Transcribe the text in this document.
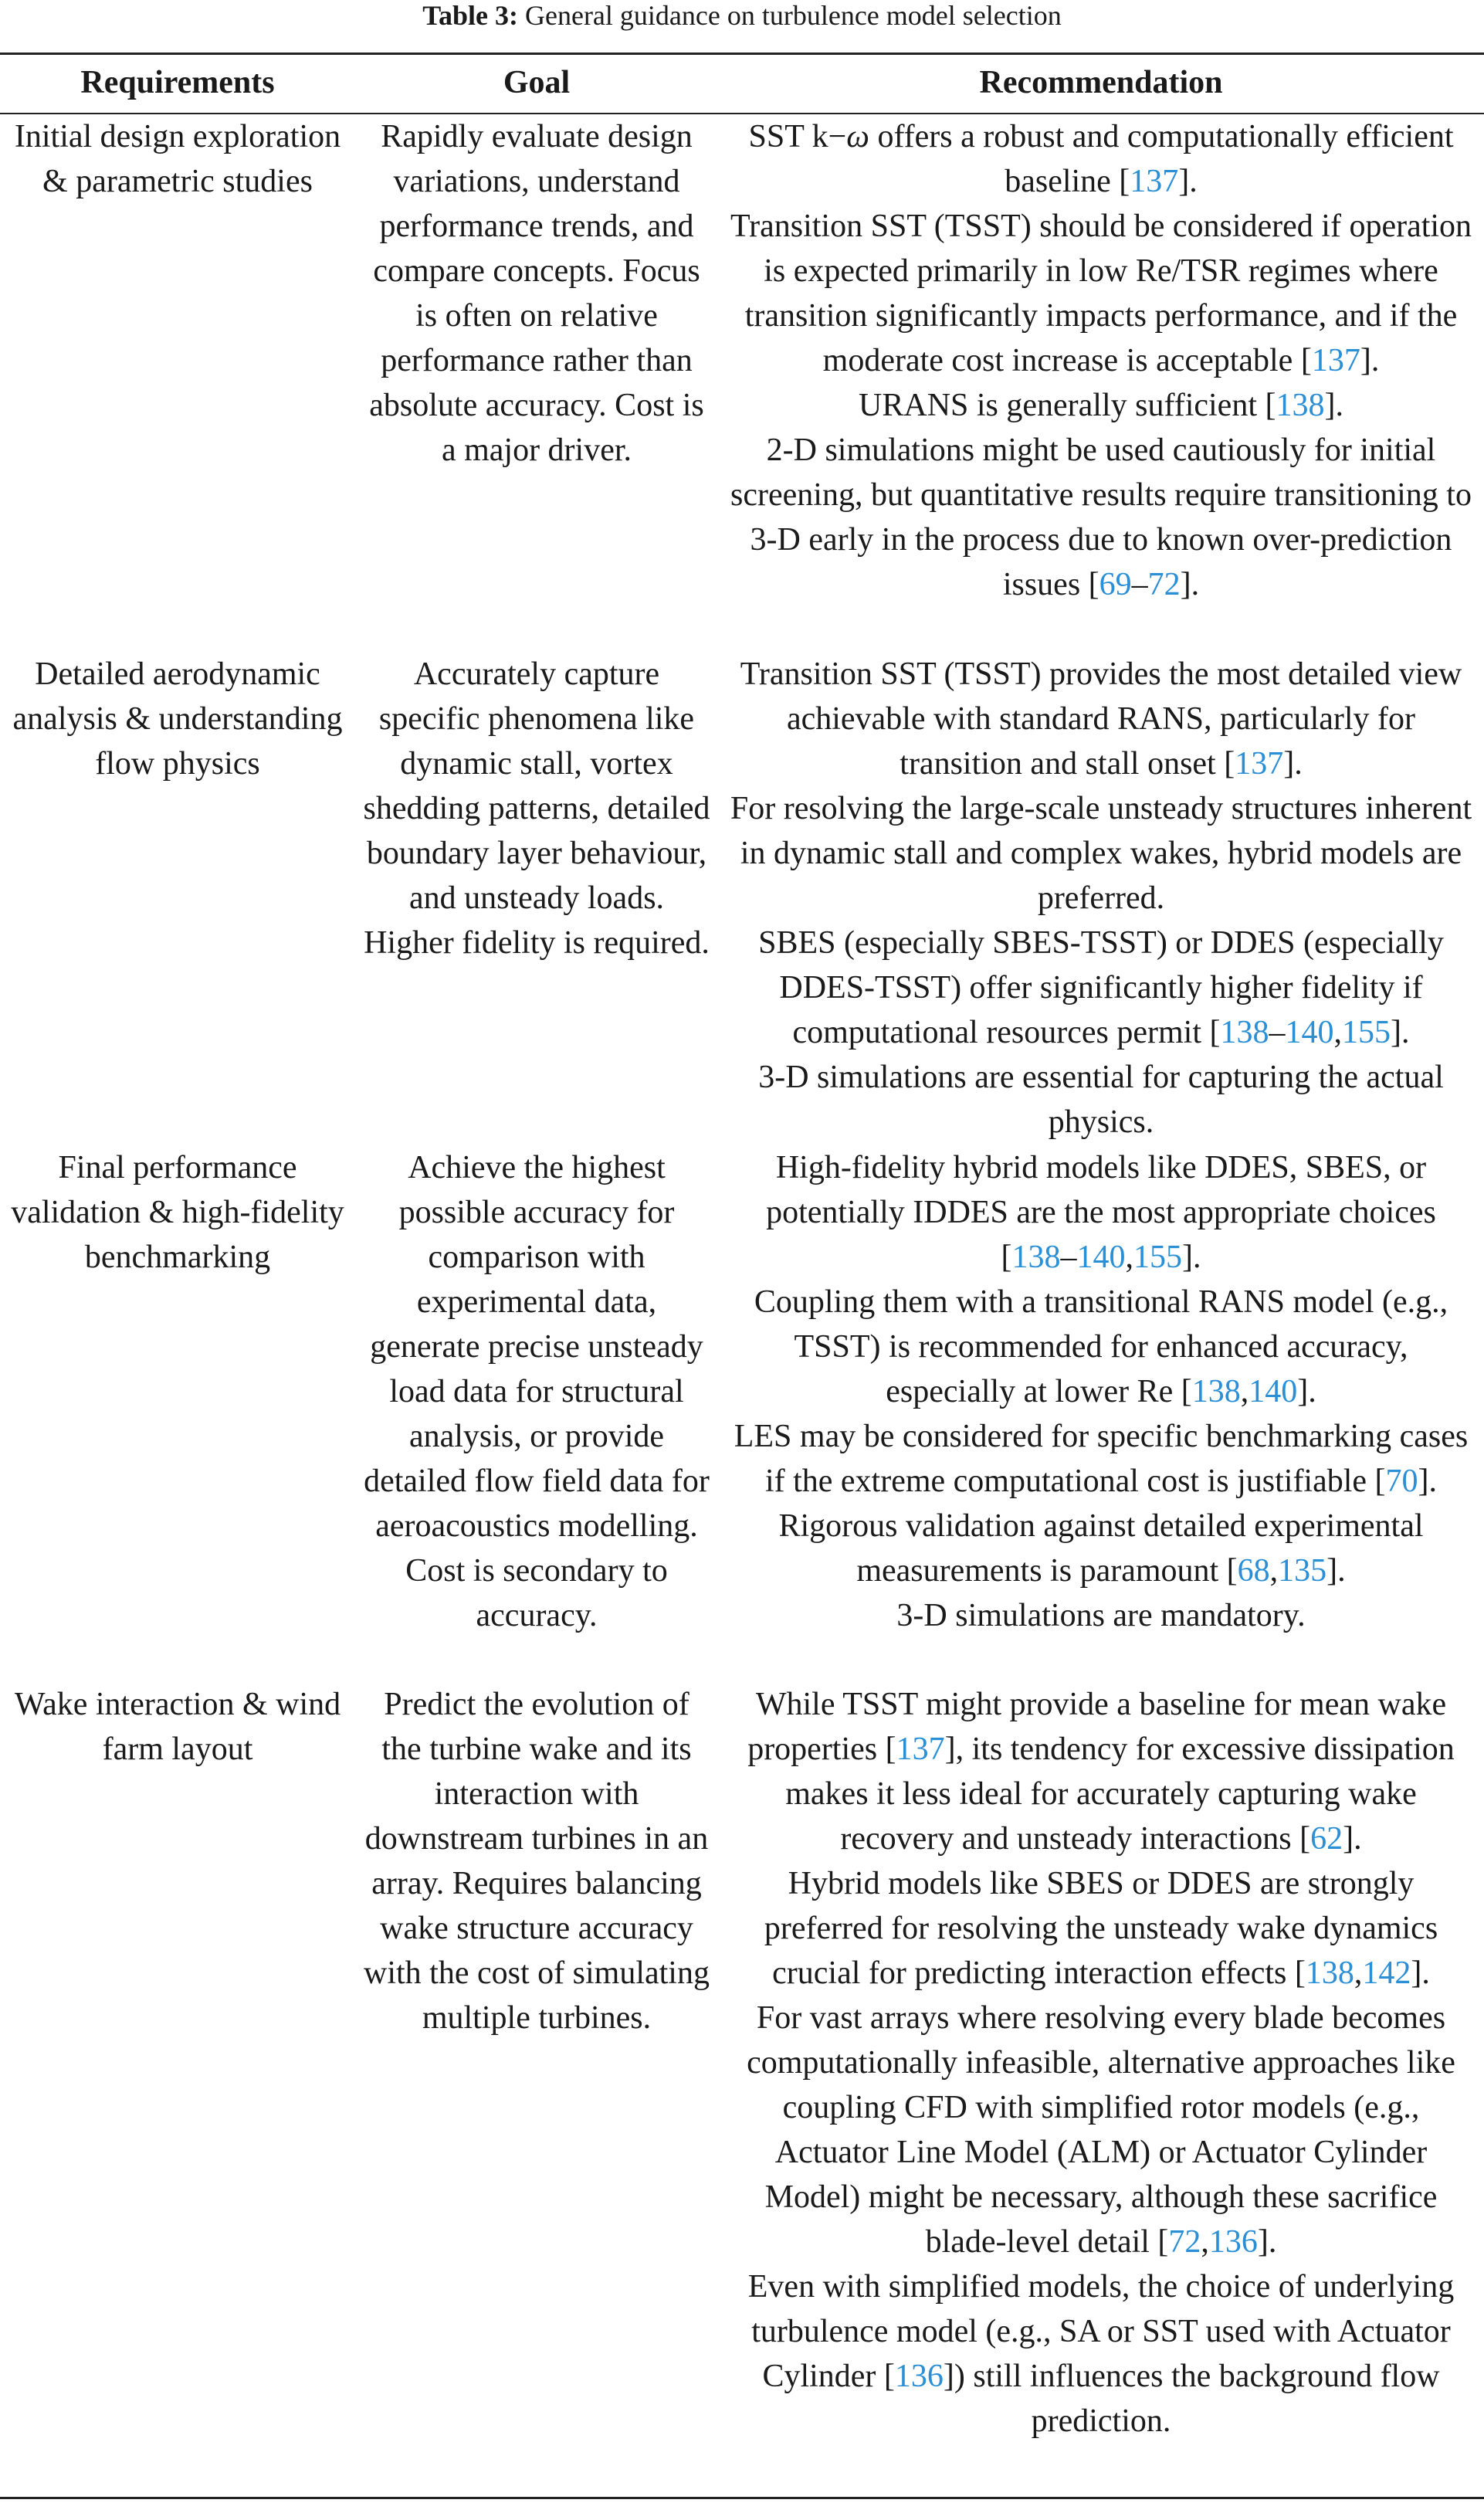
Table 3: General guidance on turbulence model selection
Requirements	Goal	Recommendation
Initial design exploration & parametric studies
Rapidly evaluate design variations, understand performance trends, and compare concepts. Focus is often on relative performance rather than absolute accuracy. Cost is a major driver.
SST k−ω offers a robust and computationally efficient baseline [137].
Transition SST (TSST) should be considered if operation is expected primarily in low Re/TSR regimes where transition significantly impacts performance, and if the moderate cost increase is acceptable [137].
URANS is generally sufficient [138].
2-D simulations might be used cautiously for initial screening, but quantitative results require transitioning to 3-D early in the process due to known over-prediction issues [69–72].
Detailed aerodynamic analysis & understanding flow physics
Accurately capture specific phenomena like dynamic stall, vortex shedding patterns, detailed boundary layer behaviour, and unsteady loads. Higher fidelity is required.
Transition SST (TSST) provides the most detailed view achievable with standard RANS, particularly for transition and stall onset [137].
For resolving the large-scale unsteady structures inherent in dynamic stall and complex wakes, hybrid models are preferred.
SBES (especially SBES-TSST) or DDES (especially DDES-TSST) offer significantly higher fidelity if computational resources permit [138–140,155].
3-D simulations are essential for capturing the actual physics.
Final performance validation & high-fidelity benchmarking
Achieve the highest possible accuracy for comparison with experimental data, generate precise unsteady load data for structural analysis, or provide detailed flow field data for aeroacoustics modelling. Cost is secondary to accuracy.
High-fidelity hybrid models like DDES, SBES, or potentially IDDES are the most appropriate choices [138–140,155].
Coupling them with a transitional RANS model (e.g., TSST) is recommended for enhanced accuracy, especially at lower Re [138,140].
LES may be considered for specific benchmarking cases if the extreme computational cost is justifiable [70].
Rigorous validation against detailed experimental measurements is paramount [68,135].
3-D simulations are mandatory.
Wake interaction & wind farm layout
Predict the evolution of the turbine wake and its interaction with downstream turbines in an array. Requires balancing wake structure accuracy with the cost of simulating multiple turbines.
While TSST might provide a baseline for mean wake properties [137], its tendency for excessive dissipation makes it less ideal for accurately capturing wake recovery and unsteady interactions [62].
Hybrid models like SBES or DDES are strongly preferred for resolving the unsteady wake dynamics crucial for predicting interaction effects [138,142].
For vast arrays where resolving every blade becomes computationally infeasible, alternative approaches like coupling CFD with simplified rotor models (e.g., Actuator Line Model (ALM) or Actuator Cylinder Model) might be necessary, although these sacrifice blade-level detail [72,136].
Even with simplified models, the choice of underlying turbulence model (e.g., SA or SST used with Actuator Cylinder [136]) still influences the background flow prediction.
